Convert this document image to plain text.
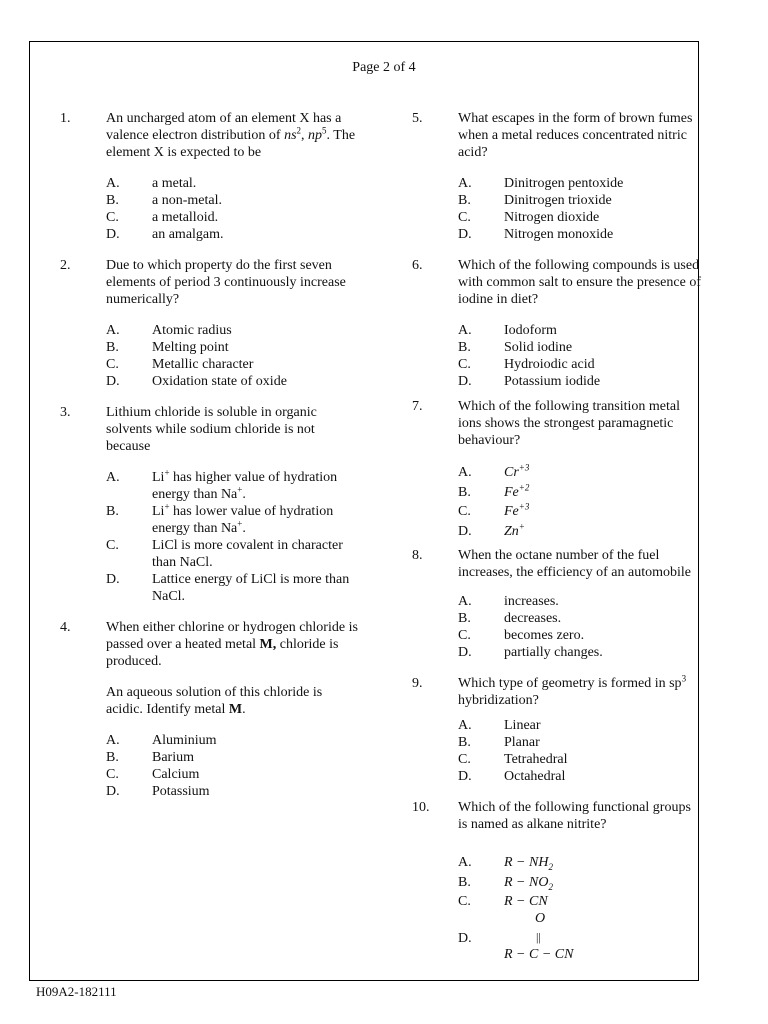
Page 2 of 4
1.	An uncharged atom of an element X has a valence electron distribution of $ns^2$, $np^5$. The element X is expected to be

A.	a metal.
B.	a non-metal.
C.	a metalloid.
D.	an amalgam.
2.	Due to which property do the first seven elements of period 3 continuously increase numerically?

A.	Atomic radius
B.	Melting point
C.	Metallic character
D.	Oxidation state of oxide
3.	Lithium chloride is soluble in organic solvents while sodium chloride is not because

A.	Li+ has higher value of hydration energy than Na+.
B.	Li+ has lower value of hydration energy than Na+.
C.	LiCl is more covalent in character than NaCl.
D.	Lattice energy of LiCl is more than NaCl.
4.	When either chlorine or hydrogen chloride is passed over a heated metal M, chloride is produced.

An aqueous solution of this chloride is acidic. Identify metal M.

A.	Aluminium
B.	Barium
C.	Calcium
D.	Potassium
5.	What escapes in the form of brown fumes when a metal reduces concentrated nitric acid?

A.	Dinitrogen pentoxide
B.	Dinitrogen trioxide
C.	Nitrogen dioxide
D.	Nitrogen monoxide
6.	Which of the following compounds is used with common salt to ensure the presence of iodine in diet?

A.	Iodoform
B.	Solid iodine
C.	Hydroiodic acid
D.	Potassium iodide
7.	Which of the following transition metal ions shows the strongest paramagnetic behaviour?

A.	$Cr^{+3}$
B.	$Fe^{+2}$
C.	$Fe^{+3}$
D.	Zn+
8.	When the octane number of the fuel increases, the efficiency of an automobile

A.	increases.
B.	decreases.
C.	becomes zero.
D.	partially changes.
9.	Which type of geometry is formed in $sp^3$ hybridization?

A.	Linear
B.	Planar
C.	Tetrahedral
D.	Octahedral
10. Which of the following functional groups is named as alkane nitrite?

A.	$R - NH_2$
B.	$R - NO_2$
C.	R − CN
D.
O
||
R − C − CN
H09A2-182111
